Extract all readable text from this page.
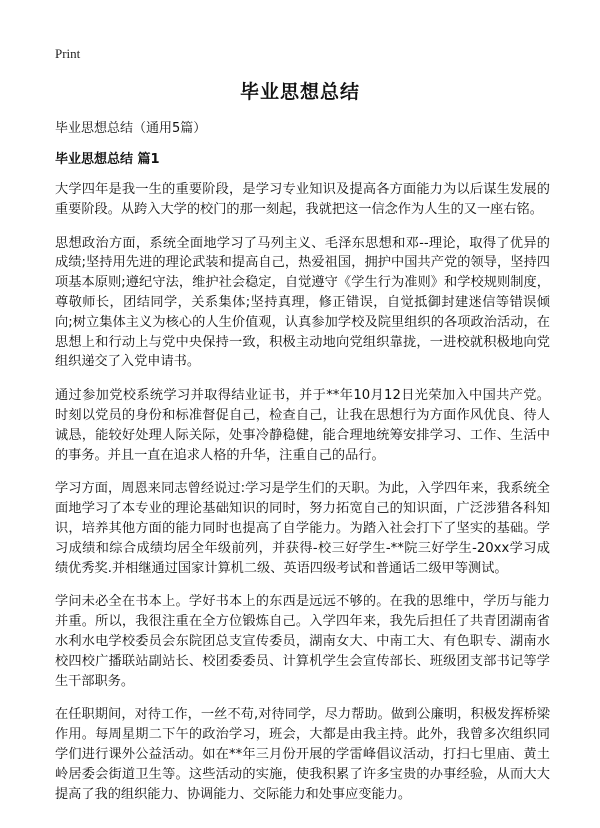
Print
毕业思想总结
毕业思想总结（通用5篇）
毕业思想总结 篇1

大学四年是我一生的重要阶段，是学习专业知识及提高各方面能力为以后谋生发展的重要阶段。从跨入大学的校门的那一刻起，我就把这一信念作为人生的又一座右铭。

思想政治方面，系统全面地学习了马列主义、毛泽东思想和邓--理论，取得了优异的成绩;坚持用先进的理论武装和提高自己，热爱祖国，拥护中国共产党的领导，坚持四项基本原则;遵纪守法，维护社会稳定，自觉遵守《学生行为准则》和学校规则制度，尊敬师长，团结同学，关系集体;坚持真理，修正错误，自觉抵御封建迷信等错误倾向;树立集体主义为核心的人生价值观，认真参加学校及院里组织的各项政治活动，在思想上和行动上与党中央保持一致，积极主动地向党组织靠拢，一进校就积极地向党组织递交了入党申请书。

通过参加党校系统学习并取得结业证书，并于**年10月12日光荣加入中国共产党。时刻以党员的身份和标准督促自己，检查自己，让我在思想行为方面作风优良、待人诚恳，能较好处理人际关际，处事冷静稳健，能合理地统筹安排学习、工作、生活中的事务。并且一直在追求人格的升华，注重自己的品行。

学习方面，周恩来同志曾经说过:学习是学生们的天职。为此，入学四年来，我系统全面地学习了本专业的理论基础知识的同时，努力拓宽自己的知识面，广泛涉猎各科知识，培养其他方面的能力同时也提高了自学能力。为踏入社会打下了坚实的基础。学习成绩和综合成绩均居全年级前列，并获得-校三好学生-**院三好学生-20xx学习成绩优秀奖.并相继通过国家计算机二级、英语四级考试和普通话二级甲等测试。

学问未必全在书本上。学好书本上的东西是远远不够的。在我的思维中，学历与能力并重。所以，我很注重在全方位锻炼自己。入学四年来，我先后担任了共青团湖南省水利水电学校委员会东院团总支宣传委员，湖南女大、中南工大、有色职专、湖南水校四校广播联站副站长、校团委委员、计算机学生会宣传部长、班级团支部书记等学生干部职务。

在任职期间，对待工作，一丝不苟,对待同学，尽力帮助。做到公廉明，积极发挥桥梁作用。每周星期二下午的政治学习，班会，大都是由我主持。此外，我曾多次组织同学们进行课外公益活动。如在**年三月份开展的学雷峰倡议活动，打扫七里庙、黄土岭居委会街道卫生等。这些活动的实施，使我积累了许多宝贵的办事经验，从而大大提高了我的组织能力、协调能力、交际能力和处事应变能力。
